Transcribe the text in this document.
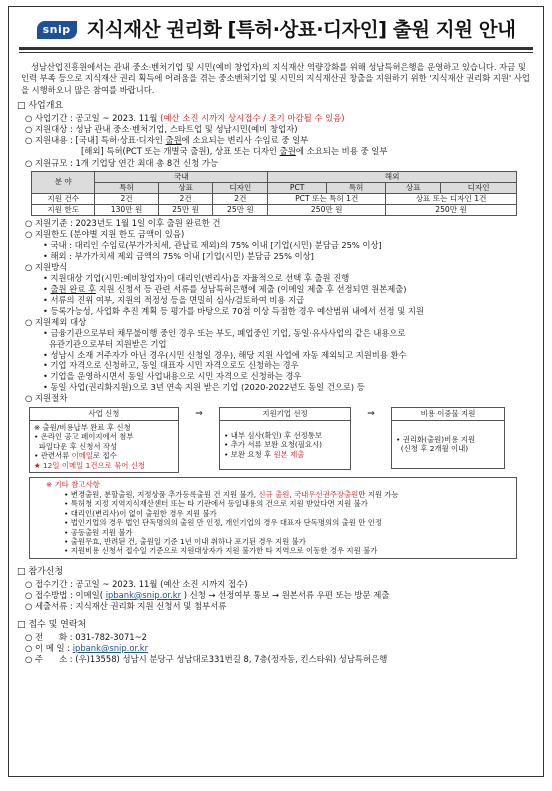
snip 지식재산 권리화 [특허·상표·디자인] 출원 지원 안내
성남산업진흥원에서는 관내 중소·벤처기업 및 시민(예비 창업자)의 지식재산 역량강화를 위해 성남특허은행을 운영하고 있습니다. 자금 및 인력 부족 등으로 지식재산 권리 획득에 어려움을 겪는 중소벤처기업 및 시민의 지식재산권 창출을 지원하기 위한 '지식재산 권리화 지원' 사업을 시행하오니 많은 참여를 바랍니다.
□ 사업개요
○ 사업기간 : 공고일 ~ 2023. 11월 (예산 소진 시까지 상시접수 / 조기 마감될 수 있음)
○ 지원대상 : 성남 관내 중소·벤처기업, 스타트업 및 성남시민(예비 창업자)
○ 지원내용 : [국내] 특허·상표·디자인 출원에 소요되는 변리사 수임료 중 일부
[해외] 특허(PCT 또는 개별국 출원), 상표 또는 디자인 출원에 소요되는 비용 중 일부
○ 지원규모 : 1개 기업당 연간 최대 총 8건 신청 가능
분 야	국내			해외			
	특허	상표	디자인	PCT	특허	상표	디자인
지원 건수	2건	2건	2건	PCT 또는 특허 1건		상표 또는 디자인 1건	
지원 한도	130만 원	25만 원	25만 원	250만 원		250만 원	
○ 지원기준 : 2023년도 1월 1일 이후 출원 완료한 건
○ 지원한도 (분야별 지원 한도 금액이 있음)
• 국내 : 대리인 수임료(부가가치세, 관납료 제외)의 75% 이내 [기업(시민) 분담금 25% 이상]
• 해외 : 부가가치세 제외 금액의 75% 이내 [기업(시민) 분담금 25% 이상]
○ 지원방식
• 지원대상 기업(시민:예비창업자)이 대리인(변리사)을 자율적으로 선택 후 출원 진행
• 출원 완료 후 지원 신청서 등 관련 서류를 성남특허은행에 제출 (이메일 제출 후 선정되면 원본제출)
• 서류의 진위 여부, 지원의 적정성 등을 면밀히 심사/검토하여 비용 지급
• 등록가능성, 사업화 추진 계획 등 평가를 바탕으로 70점 이상 득점한 경우 예산범위 내에서 선정 및 지원
○ 지원제외 대상
• 금융기관으로부터 채무불이행 중인 경우 또는 부도, 폐업중인 기업, 동일·유사사업의 같은 내용으로
유관기관으로부터 지원받은 기업
• 성남시 소재 거주자가 아닌 경우(시민 신청일 경우), 해당 지원 사업에 자동 제외되고 지원비용 환수
• 기업 자격으로 신청하고, 동일 대표자 시민 자격으로도 신청하는 경우
• 기업을 운영하시면서 동일 사업내용으로 시민 자격으로 신청하는 경우
• 동일 사업(권리화지원)으로 3년 연속 지원 받은 기업 (2020-2022년도 동일 건으로) 등
○ 지원절차
사업 신청
※ 출원/비용납부 완료 후 신청
• 온라인 공고 페이지에서 첨부
파일다운 후 신청서 작성
• 관련서류 이메일로 접수
★ 12일 이메일 1건으로 묶어 신청
⇒	지원기업 선정
• 내부 심사(확인) 후 선정통보
• 추가 서류 보완 요청(필요시)
• 보완 요청 후 원본 제출
⇒	비용 이중물 지원
• 권리화(출원)비용 지원
(신청 후 2개월 이내)
※ 기타 참고사항
• 변경출원, 분할출원, 지정상품 추가등록출원 건 지원 불가, 신규 출원, 국내우선권주장출원만 지원 가능
• 특허청 지정 지역지식재산센터 또는 타 기관에서 동일내용의 건으로 지원 받았다면 지원 불가
• 대리인(변리사)이 없이 출원한 경우 지원 불가
• 법인기업의 경우 법인 단독명의의 출원 만 인정, 개인기업의 경우 대표자 단독명의의 출원 만 인정
• 공동출원 지원 불가
• 출원무효, 반려된 건, 출원일 기준 1년 이내 취하나 포기된 경우 지원 불가
• 지원비용 신청서 접수일 기준으로 지원대상자가 지원 불가한 타 지역으로 이동한 경우 지원 불가
□ 참가신청
○ 접수기간 : 공고일 ~ 2023. 11월 (예산 소진 시까지 접수)
○ 접수방법 : 이메일( ipbank@snip.or.kr ) 신청 → 선정여부 통보 → 원본서류 우편 또는 방문 제출
○ 세출서류 : 지식재산 권리화 지원 신청서 및 첨부서류
□ 접수 및 연락처
○ 전      화 : 031-782-3071~2
○ 이 메 일 : ipbank@snip.or.kr
○ 주      소 : (우)13558) 성남시 분당구 성남대로331번길 8, 7층(정자동, 킨스타워) 성남특허은행
